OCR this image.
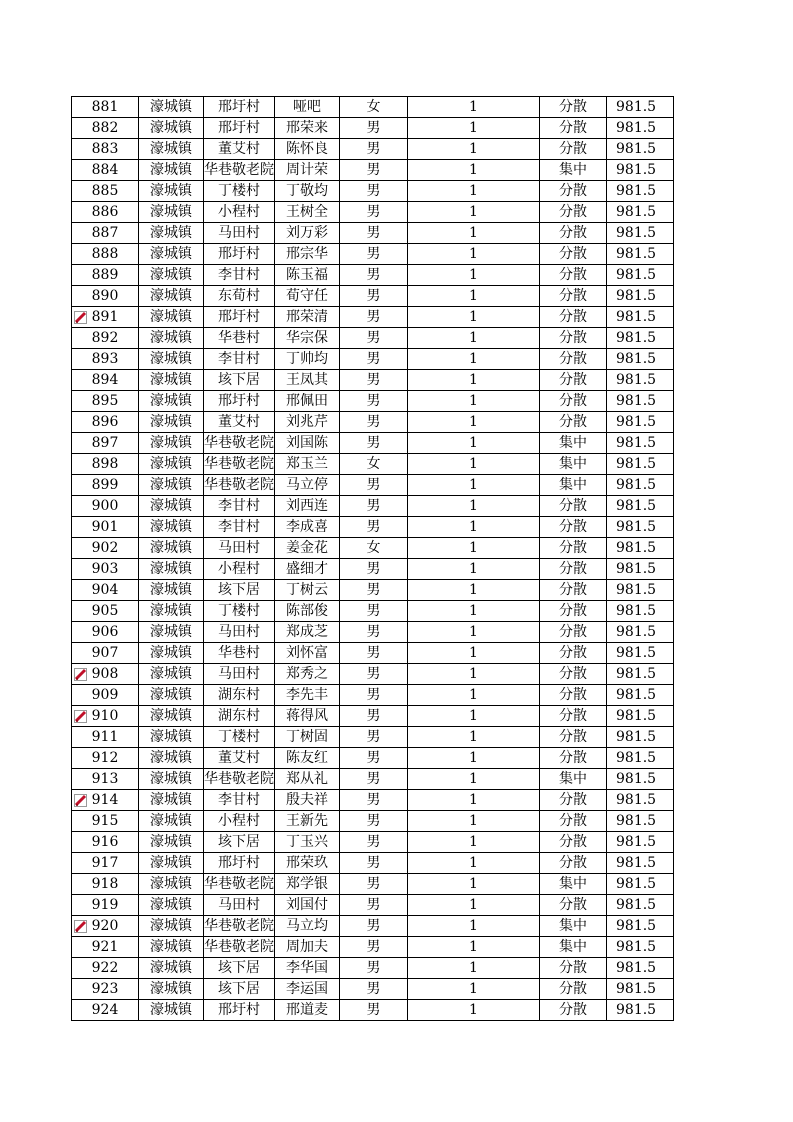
881	濠城镇	邢圩村	哑吧	女	1	分散	981.5
882	濠城镇	邢圩村	邢荣来	男	1	分散	981.5
883	濠城镇	董艾村	陈怀良	男	1	分散	981.5
884	濠城镇	华巷敬老院	周计荣	男	1	集中	981.5
885	濠城镇	丁楼村	丁敬均	男	1	分散	981.5
886	濠城镇	小程村	王树全	男	1	分散	981.5
887	濠城镇	马田村	刘万彩	男	1	分散	981.5
888	濠城镇	邢圩村	邢宗华	男	1	分散	981.5
889	濠城镇	李甘村	陈玉福	男	1	分散	981.5
890	濠城镇	东荀村	荀守任	男	1	分散	981.5

891	濠城镇	邢圩村	邢荣清	男	1	分散	981.5
892	濠城镇	华巷村	华宗保	男	1	分散	981.5
893	濠城镇	李甘村	丁帅均	男	1	分散	981.5
894	濠城镇	垓下居	王凤其	男	1	分散	981.5
895	濠城镇	邢圩村	邢佩田	男	1	分散	981.5
896	濠城镇	董艾村	刘兆芹	男	1	分散	981.5
897	濠城镇	华巷敬老院	刘国陈	男	1	集中	981.5
898	濠城镇	华巷敬老院	郑玉兰	女	1	集中	981.5
899	濠城镇	华巷敬老院	马立停	男	1	集中	981.5
900	濠城镇	李甘村	刘西连	男	1	分散	981.5
901	濠城镇	李甘村	李成喜	男	1	分散	981.5
902	濠城镇	马田村	姜金花	女	1	分散	981.5
903	濠城镇	小程村	盛细才	男	1	分散	981.5
904	濠城镇	垓下居	丁树云	男	1	分散	981.5
905	濠城镇	丁楼村	陈部俊	男	1	分散	981.5
906	濠城镇	马田村	郑成芝	男	1	分散	981.5
907	濠城镇	华巷村	刘怀富	男	1	分散	981.5

908	濠城镇	马田村	郑秀之	男	1	分散	981.5
909	濠城镇	湖东村	李先丰	男	1	分散	981.5

910	濠城镇	湖东村	蒋得风	男	1	分散	981.5
911	濠城镇	丁楼村	丁树固	男	1	分散	981.5
912	濠城镇	董艾村	陈友红	男	1	分散	981.5
913	濠城镇	华巷敬老院	郑从礼	男	1	集中	981.5

914	濠城镇	李甘村	殷夫祥	男	1	分散	981.5
915	濠城镇	小程村	王新先	男	1	分散	981.5
916	濠城镇	垓下居	丁玉兴	男	1	分散	981.5
917	濠城镇	邢圩村	邢荣玖	男	1	分散	981.5
918	濠城镇	华巷敬老院	郑学银	男	1	集中	981.5
919	濠城镇	马田村	刘国付	男	1	分散	981.5

920	濠城镇	华巷敬老院	马立均	男	1	集中	981.5
921	濠城镇	华巷敬老院	周加夫	男	1	集中	981.5
922	濠城镇	垓下居	李华国	男	1	分散	981.5
923	濠城镇	垓下居	李运国	男	1	分散	981.5
924	濠城镇	邢圩村	邢道麦	男	1	分散	981.5
